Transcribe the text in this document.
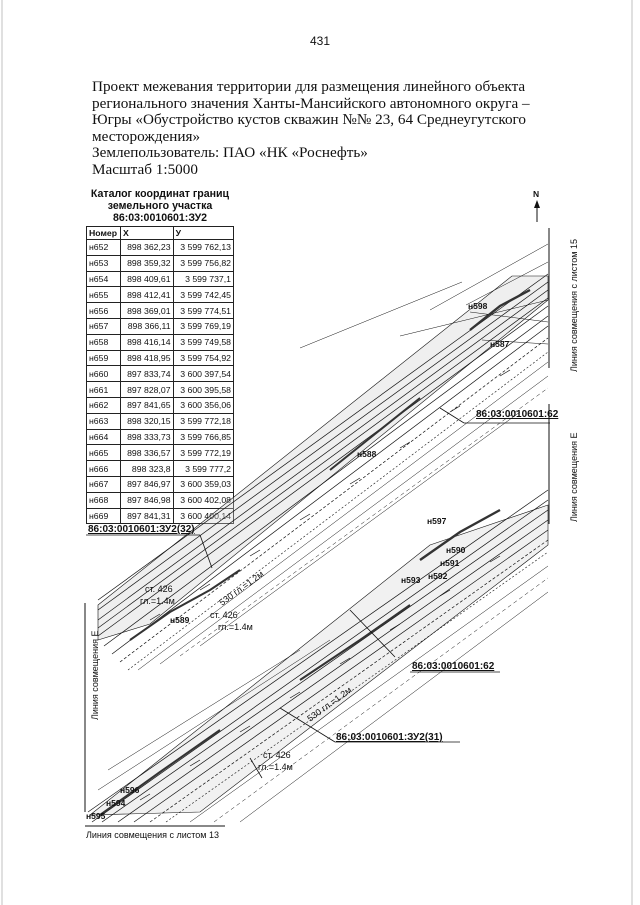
431
Проект межевания территории для размещения линейного объекта
регионального значения Ханты-Мансийского автономного округа –
Югры «Обустройство кустов скважин №№ 23, 64 Среднеугутского
месторождения»
Землепользователь: ПАО «НК «Роснефть»
Масштаб 1:5000
Каталог координат границ
земельного участка
86:03:0010601:ЗУ2
Номер	X	У
н652	898 362,23	3 599 762,13
н653	898 359,32	3 599 756,82
н654	898 409,61	3 599 737,1
н655	898 412,41	3 599 742,45
н656	898 369,01	3 599 774,51
н657	898 366,11	3 599 769,19
н658	898 416,14	3 599 749,58
н659	898 418,95	3 599 754,92
н660	897 833,74	3 600 397,54
н661	897 828,07	3 600 395,58
н662	897 841,65	3 600 356,06
н663	898 320,15	3 599 772,18
н664	898 333,73	3 599 766,85
н665	898 336,57	3 599 772,19
н666	898 323,8	3 599 777,2
н667	897 846,97	3 600 359,03
н668	897 846,98	3 600 402,08
н669	897 841,31	3 600 400,14
N
Линия совмещения с листом 15
Линия совмещения Е
Линия совмещения Е
Линия совмещения с листом 13
86:03:0010601:ЗУ2(32)
86:03:0010601:62
86:03:0010601:62
86:03:0010601:ЗУ2(31)
н598
н587
н588
н589
н597
н590
н591
н592
н593
н596
н594
н595
ст. 426
гл.=1.4м
ст. 426
гл.=1.4м
ст. 426
гл.=1.4м
530 гл.=1.2м
530 гл.=1.2м
